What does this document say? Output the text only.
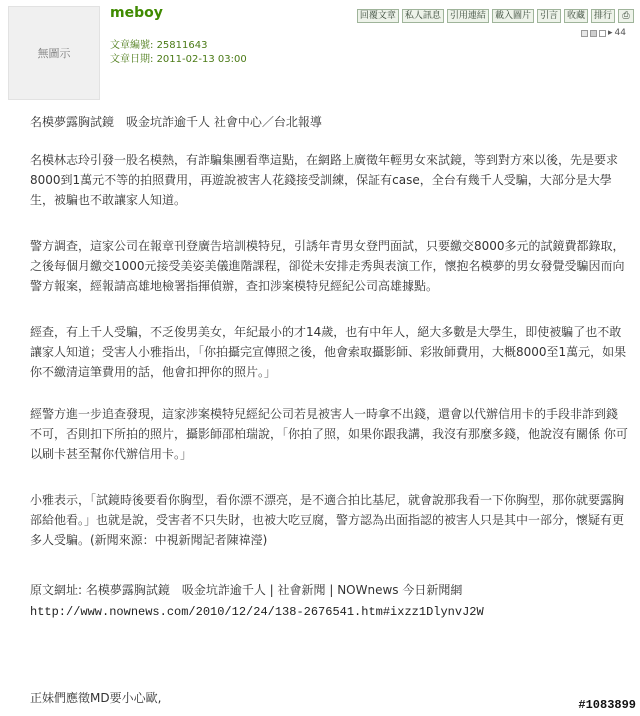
無圖示
meboy
文章編號: 25811643
文章日期: 2011-02-13 03:00
回覆文章	私人訊息	引用連結	載入圖片	引言	收藏	排行	⎙
▸ 44

名模夢露胸試鏡　吸金坑詐逾千人 社會中心／台北報導

名模林志玲引發一股名模熱，有詐騙集團看準這點，在網路上廣徵年輕男女來試鏡，等到對方來以後，先是要求8000到1萬元不等的拍照費用，再遊說被害人花錢接受訓練，保証有case，全台有幾千人受騙，大部分是大學生，被騙也不敢讓家人知道。

警方調查，這家公司在報章刊登廣告培訓模特兒，引誘年青男女登門面試，只要繳交8000多元的試鏡費都錄取，之後每個月繳交1000元接受美姿美儀進階課程，卻從未安排走秀與表演工作，懷抱名模夢的男女發覺受騙因而向警方報案，經報請高雄地檢署指揮偵辦，查扣涉案模特兒經紀公司高雄據點。

經查，有上千人受騙，不乏俊男美女，年紀最小的才14歲，也有中年人，絕大多數是大學生，即使被騙了也不敢讓家人知道；受害人小雅指出，「你拍攝完宣傳照之後，他會索取攝影師、彩妝師費用，大概8000至1萬元，如果你不繳清這筆費用的話，他會扣押你的照片。」

經警方進一步追查發現，這家涉案模特兒經紀公司若見被害人一時拿不出錢，還會以代辦信用卡的手段非詐到錢不可，否則扣下所拍的照片，攝影師邵柏瑞說，「你拍了照，如果你跟我講，我沒有那麼多錢，他說沒有關係 你可以刷卡甚至幫你代辦信用卡。」

小雅表示，「試鏡時後要看你胸型，看你漂不漂亮，是不適合拍比基尼，就會說那我看一下你胸型，那你就要露胸部給他看。」也就是說，受害者不只失財，也被大吃豆腐，警方認為出面指認的被害人只是其中一部分，懷疑有更多人受騙。(新聞來源：中視新聞記者陳禕瀅)

原文網址: 名模夢露胸試鏡　吸金坑詐逾千人 | 社會新聞 | NOWnews 今日新聞網

http://www.nownews.com/2010/12/24/138-2676541.htm#ixzz1DlynvJ2W

正妹們應徵MD要小心歐,	#1083899
